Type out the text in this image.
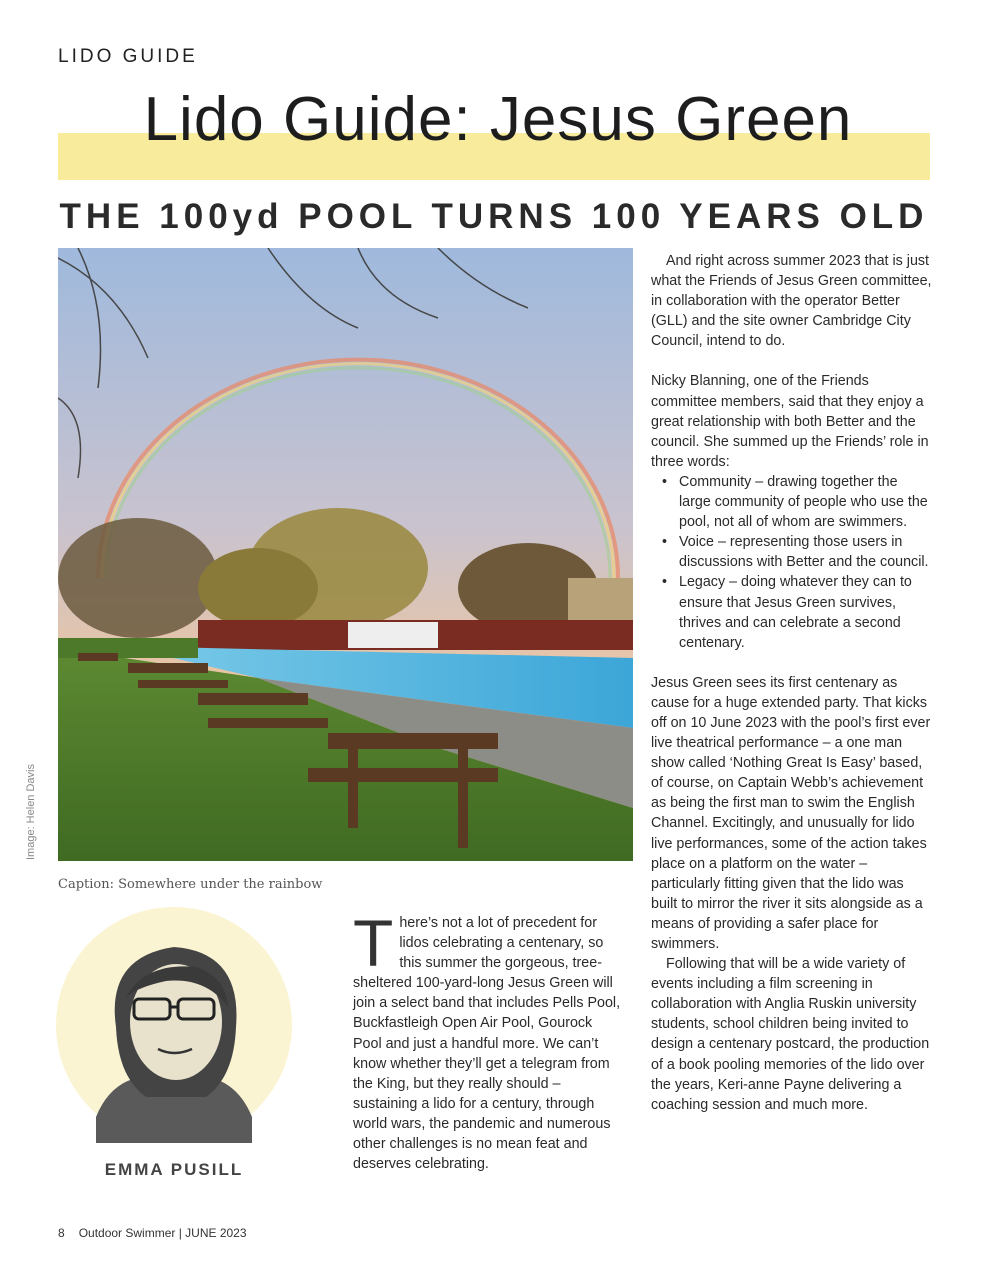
LIDO GUIDE
Lido Guide: Jesus Green
THE 100yd POOL TURNS 100 YEARS OLD
Image: Helen Davis
Caption: Somewhere under the rainbow
EMMA PUSILL

There’s not a lot of precedent for lidos celebrating a centenary, so this summer the gorgeous, tree-sheltered 100-yard-long Jesus Green will join a select band that includes Pells Pool, Buckfastleigh Open Air Pool, Gourock Pool and just a handful more. We can’t know whether they’ll get a telegram from the King, but they really should – sustaining a lido for a century, through world wars, the pandemic and numerous other challenges is no mean feat and deserves celebrating.

And right across summer 2023 that is just what the Friends of Jesus Green committee, in collaboration with the operator Better (GLL) and the site owner Cambridge City Council, intend to do.

Nicky Blanning, one of the Friends committee members, said that they enjoy a great relationship with both Better and the council. She summed up the Friends’ role in three words:

• Community – drawing together the large community of people who use the pool, not all of whom are swimmers.
• Voice – representing those users in discussions with Better and the council.
• Legacy – doing whatever they can to ensure that Jesus Green survives, thrives and can celebrate a second centenary.

Jesus Green sees its first centenary as cause for a huge extended party. That kicks off on 10 June 2023 with the pool’s first ever live theatrical performance – a one man show called ‘Nothing Great Is Easy’ based, of course, on Captain Webb’s achievement as being the first man to swim the English Channel. Excitingly, and unusually for lido live performances, some of the action takes place on a platform on the water – particularly fitting given that the lido was built to mirror the river it sits alongside as a means of providing a safer place for swimmers.

Following that will be a wide variety of events including a film screening in collaboration with Anglia Ruskin university students, school children being invited to design a centenary postcard, the production of a book pooling memories of the lido over the years, Keri-anne Payne delivering a coaching session and much more.

8 Outdoor Swimmer | JUNE 2023
